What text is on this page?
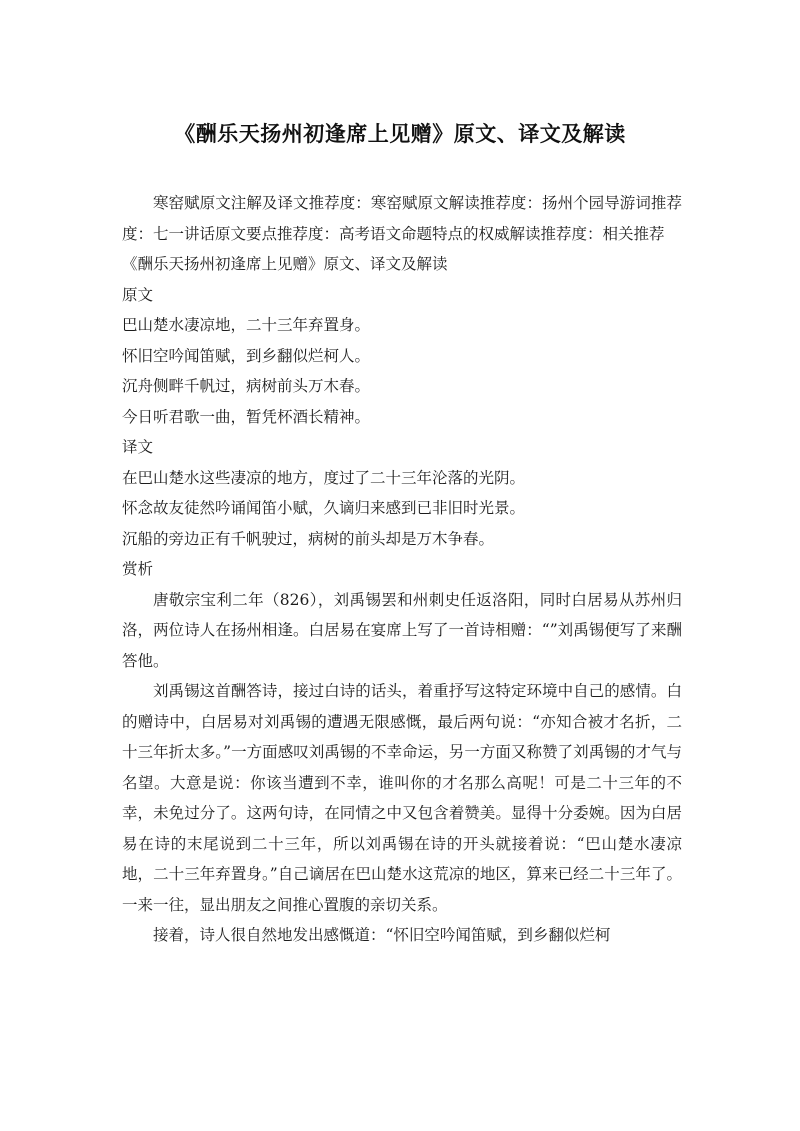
《酬乐天扬州初逢席上见赠》原文、译文及解读

寒窑赋原文注解及译文推荐度：寒窑赋原文解读推荐度：扬州个园导游词推荐度：七一讲话原文要点推荐度：高考语文命题特点的权威解读推荐度：相关推荐

《酬乐天扬州初逢席上见赠》原文、译文及解读

原文

巴山楚水凄凉地，二十三年弃置身。

怀旧空吟闻笛赋，到乡翻似烂柯人。

沉舟侧畔千帆过，病树前头万木春。

今日听君歌一曲，暂凭杯酒长精神。

译文

在巴山楚水这些凄凉的地方，度过了二十三年沦落的光阴。

怀念故友徒然吟诵闻笛小赋，久谪归来感到已非旧时光景。

沉船的旁边正有千帆驶过，病树的前头却是万木争春。

赏析

唐敬宗宝利二年（826），刘禹锡罢和州刺史任返洛阳，同时白居易从苏州归洛，两位诗人在扬州相逢。白居易在宴席上写了一首诗相赠：“”刘禹锡便写了来酬答他。

刘禹锡这首酬答诗，接过白诗的话头，着重抒写这特定环境中自己的感情。白的赠诗中，白居易对刘禹锡的遭遇无限感慨，最后两句说：“亦知合被才名折，二十三年折太多。”一方面感叹刘禹锡的不幸命运，另一方面又称赞了刘禹锡的才气与名望。大意是说：你该当遭到不幸，谁叫你的才名那么高呢！可是二十三年的不幸，未免过分了。这两句诗，在同情之中又包含着赞美。显得十分委婉。因为白居易在诗的末尾说到二十三年，所以刘禹锡在诗的开头就接着说：“巴山楚水凄凉地，二十三年弃置身。”自己谪居在巴山楚水这荒凉的地区，算来已经二十三年了。一来一往，显出朋友之间推心置腹的亲切关系。

接着，诗人很自然地发出感慨道：“怀旧空吟闻笛赋，到乡翻似烂柯
